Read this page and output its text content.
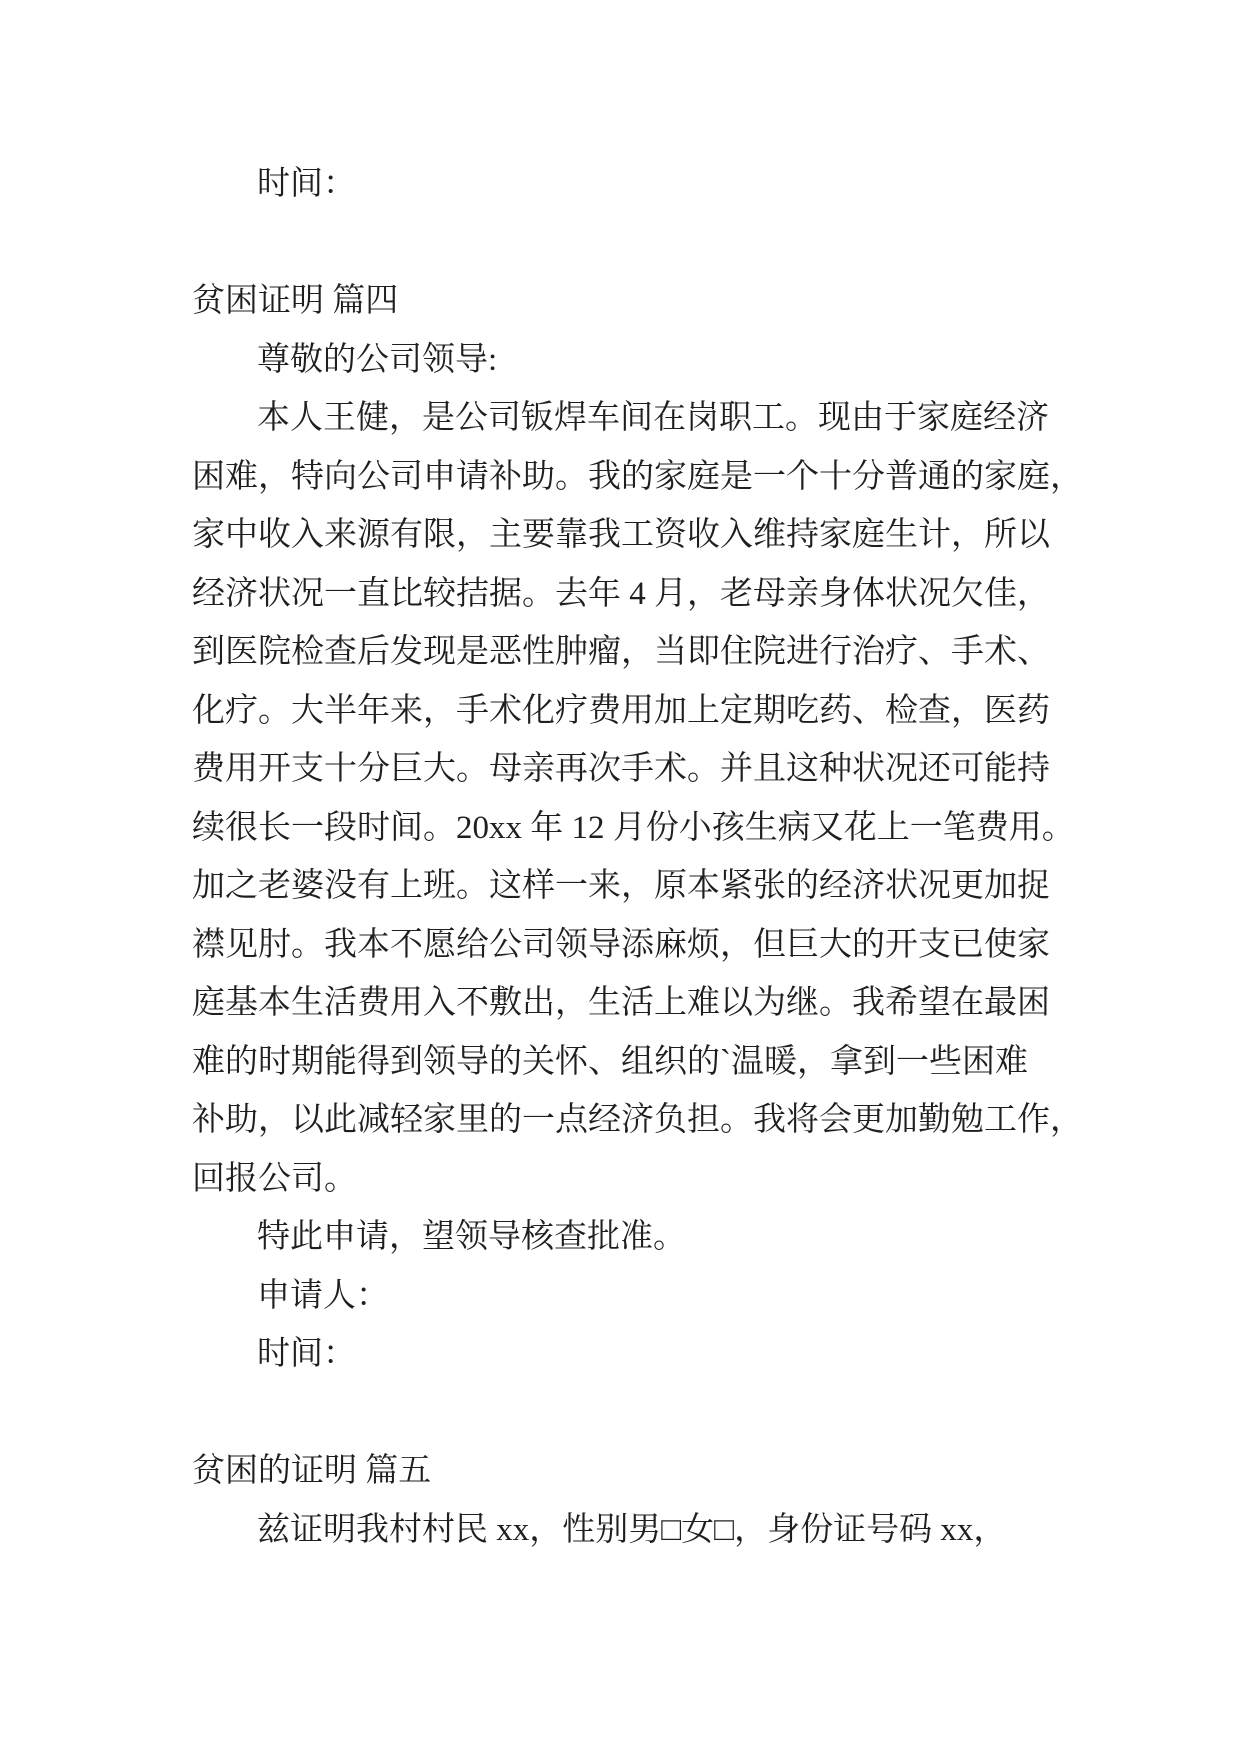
时间：
贫困证明 篇四
尊敬的公司领导:
本人王健，是公司钣焊车间在岗职工。现由于家庭经济
困难，特向公司申请补助。我的家庭是一个十分普通的家庭，
家中收入来源有限，主要靠我工资收入维持家庭生计，所以
经济状况一直比较拮据。去年 4 月，老母亲身体状况欠佳，
到医院检查后发现是恶性肿瘤，当即住院进行治疗、手术、
化疗。大半年来，手术化疗费用加上定期吃药、检查，医药
费用开支十分巨大。母亲再次手术。并且这种状况还可能持
续很长一段时间。20xx 年 12 月份小孩生病又花上一笔费用。
加之老婆没有上班。这样一来，原本紧张的经济状况更加捉
襟见肘。我本不愿给公司领导添麻烦，但巨大的开支已使家
庭基本生活费用入不敷出，生活上难以为继。我希望在最困
难的时期能得到领导的关怀、组织的`温暖，拿到一些困难
补助，以此减轻家里的一点经济负担。我将会更加勤勉工作，
回报公司。
特此申请，望领导核查批准。
申请人：
时间：
贫困的证明 篇五
兹证明我村村民 xx，性别男□女□，身份证号码 xx，
